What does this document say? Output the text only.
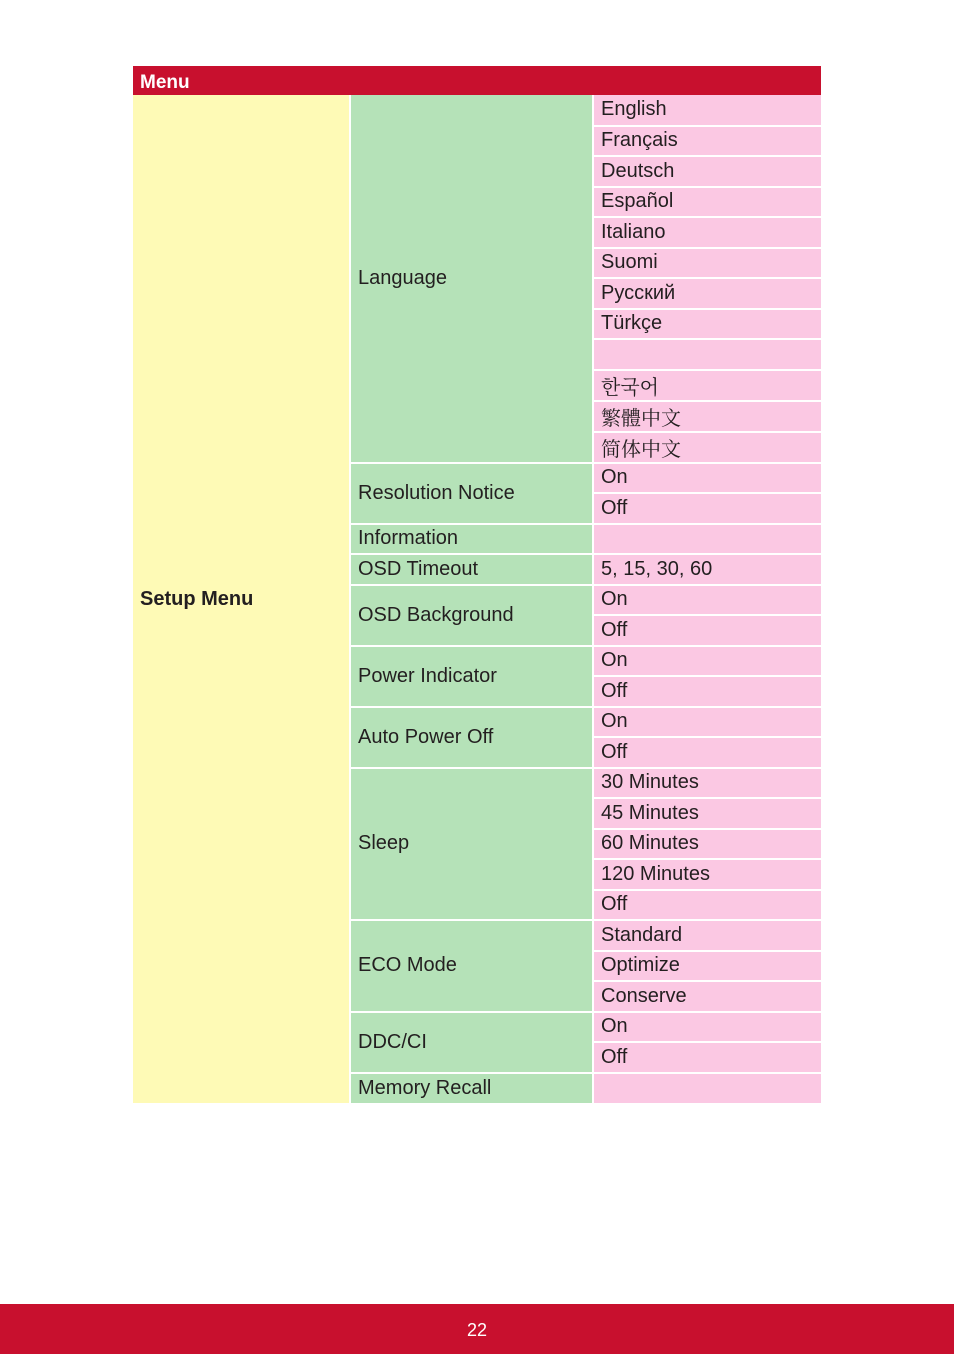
Menu
Setup Menu	Language	English
		Français
		Deutsch
		Español
		Italiano
		Suomi
		Pусский
		Türkçe

		한국어
		繁體中文
		简体中文
	Resolution Notice	On
		Off
	Information	
	OSD Timeout	5, 15, 30, 60
	OSD Background	On
		Off
	Power Indicator	On
		Off
	Auto Power Off	On
		Off
	Sleep	30 Minutes
		45 Minutes
		60 Minutes
		120 Minutes
		Off
	ECO Mode	Standard
		Optimize
		Conserve
	DDC/CI	On
		Off
	Memory Recall	
22
